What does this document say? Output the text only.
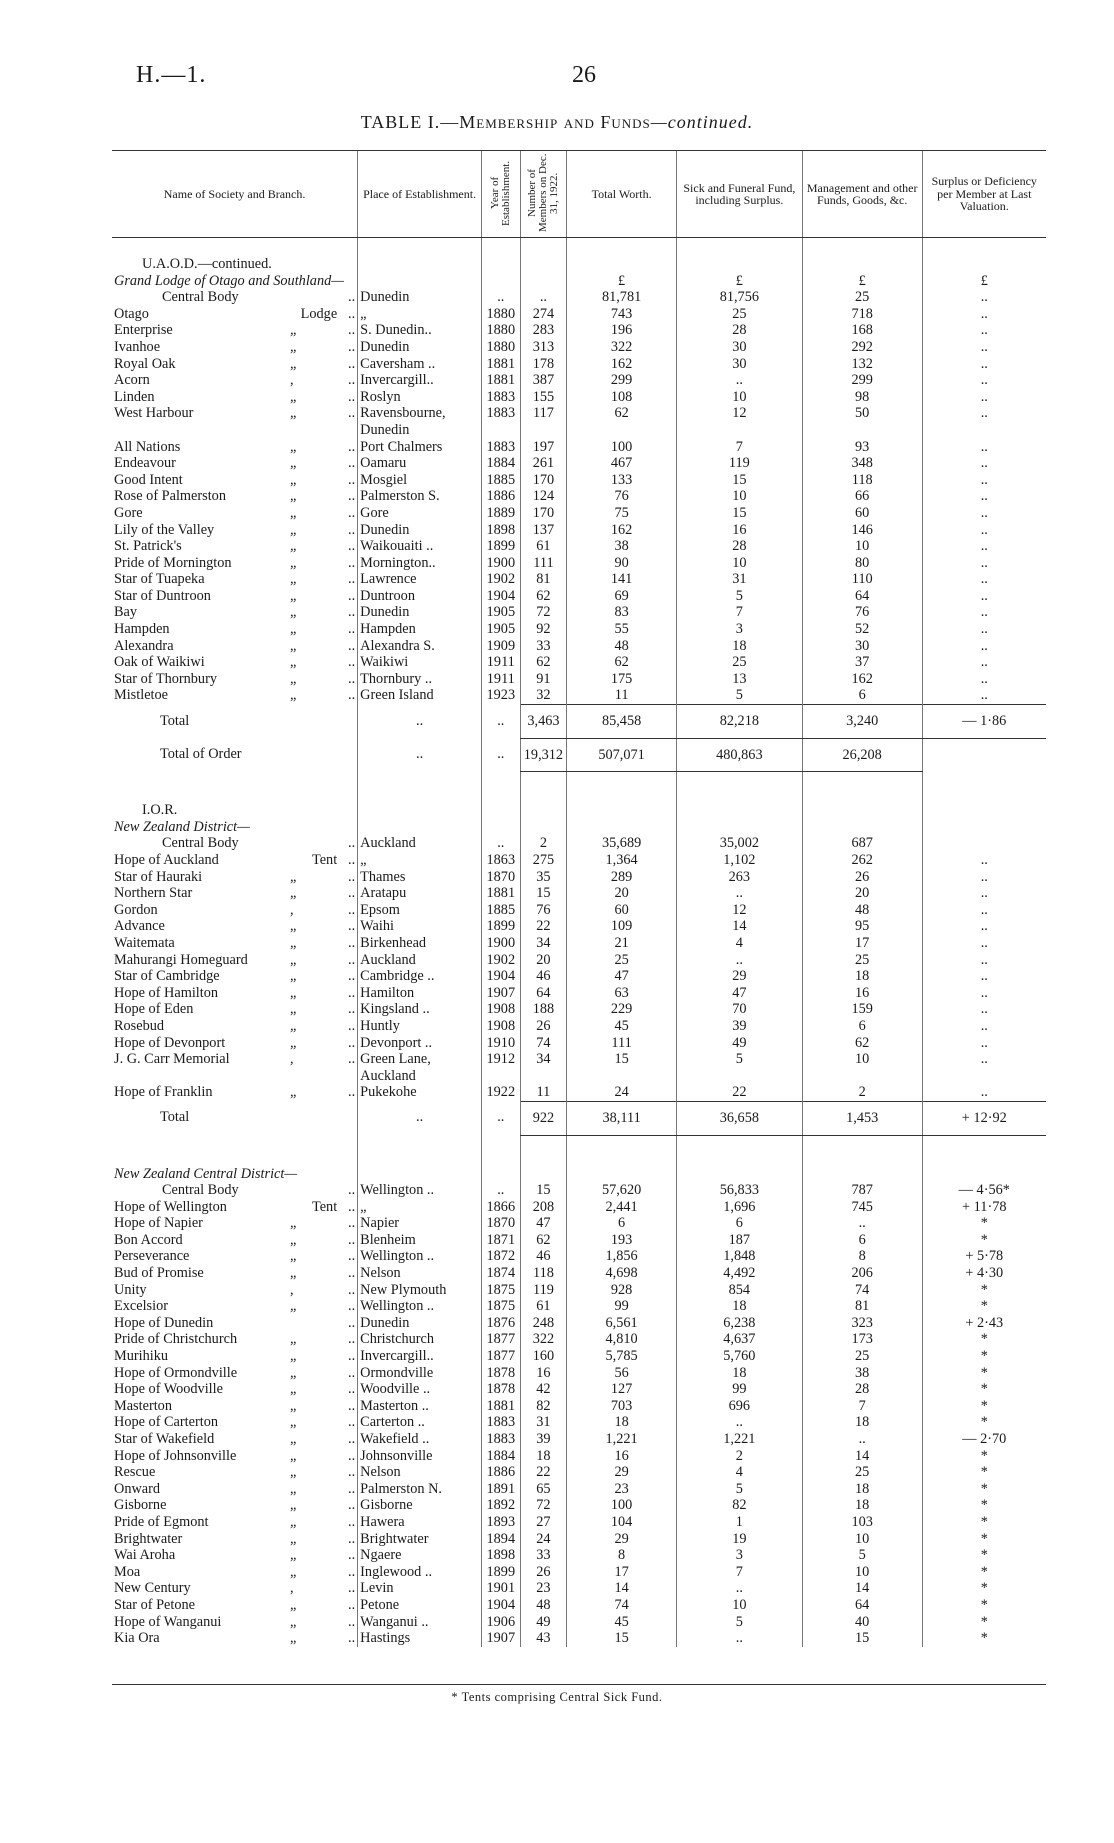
H.—1.	26
TABLE I.—Membership and Funds—continued.
Name of Society and Branch.	Place of Establishment.	Year of Establishment.	Number of Members on Dec. 31, 1922.	Total Worth.	Sick and Funeral Fund, including Surplus.	Management and other Funds, Goods, &c.	Surplus or Deficiency per Member at Last Valuation.

U.A.O.D.—continued.							
Grand Lodge of Otago and Southland—				£	£	£	£
Central Body ..	Dunedin	..	..	81,781	81,756	25	..
Otago Lodge ..	„	1880	274	743	25	718	..
Enterprise „ ..	S. Dunedin..	1880	283	196	28	168	..
Ivanhoe „ ..	Dunedin	1880	313	322	30	292	..
Royal Oak „ ..	Caversham ..	1881	178	162	30	132	..
Acorn , ..	Invercargill..	1881	387	299	..	299	..
Linden „ ..	Roslyn	1883	155	108	10	98	..
West Harbour „ ..	Ravensbourne, Dunedin	1883	117	62	12	50	..
All Nations „ ..	Port Chalmers	1883	197	100	7	93	..
Endeavour „ ..	Oamaru	1884	261	467	119	348	..
Good Intent „ ..	Mosgiel	1885	170	133	15	118	..
Rose of Palmerston „ ..	Palmerston S.	1886	124	76	10	66	..
Gore „ ..	Gore	1889	170	75	15	60	..
Lily of the Valley „ ..	Dunedin	1898	137	162	16	146	..
St. Patrick's „ ..	Waikouaiti ..	1899	61	38	28	10	..
Pride of Mornington „ ..	Mornington..	1900	111	90	10	80	..
Star of Tuapeka „ ..	Lawrence	1902	81	141	31	110	..
Star of Duntroon „ ..	Duntroon	1904	62	69	5	64	..
Bay „ ..	Dunedin	1905	72	83	7	76	..
Hampden „ ..	Hampden	1905	92	55	3	52	..
Alexandra „ ..	Alexandra S.	1909	33	48	18	30	..
Oak of Waikiwi „ ..	Waikiwi	1911	62	62	25	37	..
Star of Thornbury „ ..	Thornbury ..	1911	91	175	13	162	..
Mistletoe „ ..	Green Island	1923	32	11	5	6	..
Total	..	..	3,463	85,458	82,218	3,240	— 1·86
Total of Order	..	..	19,312	507,071	480,863	26,208	

I.O.R.							
New Zealand District—							
Central Body ..	Auckland	..	2	35,689	35,002	687	
Hope of Auckland Tent ..	„	1863	275	1,364	1,102	262	..
Star of Hauraki „ ..	Thames	1870	35	289	263	26	..
Northern Star „ ..	Aratapu	1881	15	20	..	20	..
Gordon , ..	Epsom	1885	76	60	12	48	..
Advance „ ..	Waihi	1899	22	109	14	95	..
Waitemata „ ..	Birkenhead	1900	34	21	4	17	..
Mahurangi Homeguard „ ..	Auckland	1902	20	25	..	25	..
Star of Cambridge „ ..	Cambridge ..	1904	46	47	29	18	..
Hope of Hamilton „ ..	Hamilton	1907	64	63	47	16	..
Hope of Eden „ ..	Kingsland ..	1908	188	229	70	159	..
Rosebud „ ..	Huntly	1908	26	45	39	6	..
Hope of Devonport „ ..	Devonport ..	1910	74	111	49	62	..
J. G. Carr Memorial , ..	Green Lane, Auckland	1912	34	15	5	10	..
Hope of Franklin „ ..	Pukekohe	1922	11	24	22	2	..
Total	..	..	922	38,111	36,658	1,453	+ 12·92

New Zealand Central District—							
Central Body ..	Wellington ..	..	15	57,620	56,833	787	— 4·56*
Hope of Wellington Tent ..	„	1866	208	2,441	1,696	745	+ 11·78
Hope of Napier „ ..	Napier	1870	47	6	6	..	*
Bon Accord „ ..	Blenheim	1871	62	193	187	6	*
Perseverance „ ..	Wellington ..	1872	46	1,856	1,848	8	+ 5·78
Bud of Promise „ ..	Nelson	1874	118	4,698	4,492	206	+ 4·30
Unity , ..	New Plymouth	1875	119	928	854	74	*
Excelsior „ ..	Wellington ..	1875	61	99	18	81	*
Hope of Dunedin ..	Dunedin	1876	248	6,561	6,238	323	+ 2·43
Pride of Christchurch „ ..	Christchurch	1877	322	4,810	4,637	173	*
Murihiku „ ..	Invercargill..	1877	160	5,785	5,760	25	*
Hope of Ormondville „ ..	Ormondville	1878	16	56	18	38	*
Hope of Woodville „ ..	Woodville ..	1878	42	127	99	28	*
Masterton „ ..	Masterton ..	1881	82	703	696	7	*
Hope of Carterton „ ..	Carterton ..	1883	31	18	..	18	*
Star of Wakefield „ ..	Wakefield ..	1883	39	1,221	1,221	..	— 2·70
Hope of Johnsonville „ ..	Johnsonville	1884	18	16	2	14	*
Rescue „ ..	Nelson	1886	22	29	4	25	*
Onward „ ..	Palmerston N.	1891	65	23	5	18	*
Gisborne „ ..	Gisborne	1892	72	100	82	18	*
Pride of Egmont „ ..	Hawera	1893	27	104	1	103	*
Brightwater „ ..	Brightwater	1894	24	29	19	10	*
Wai Aroha „ ..	Ngaere	1898	33	8	3	5	*
Moa „ ..	Inglewood ..	1899	26	17	7	10	*
New Century , ..	Levin	1901	23	14	..	14	*
Star of Petone „ ..	Petone	1904	48	74	10	64	*
Hope of Wanganui „ ..	Wanganui ..	1906	49	45	5	40	*
Kia Ora „ ..	Hastings	1907	43	15	..	15	*
* Tents comprising Central Sick Fund.
